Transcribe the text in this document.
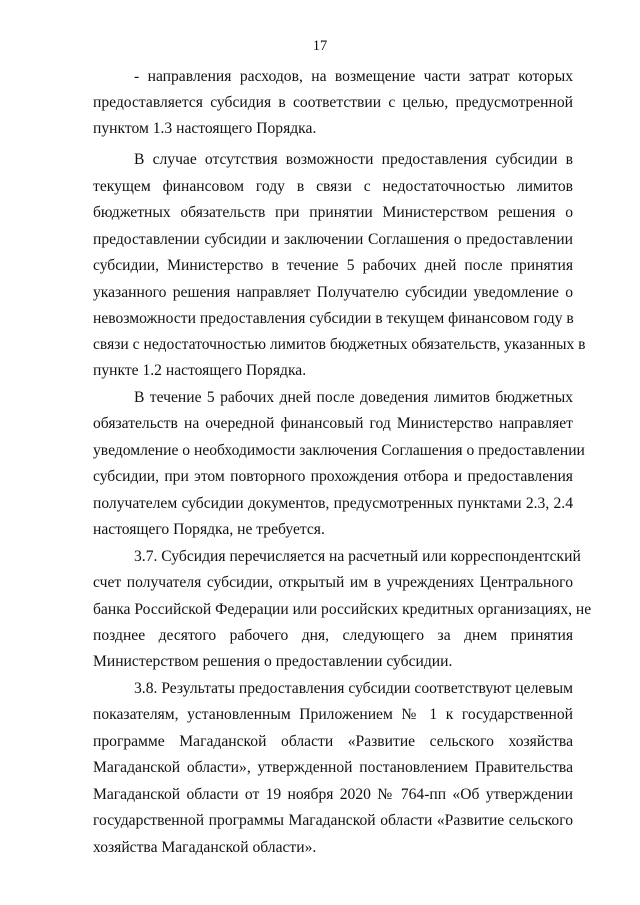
17
- направления расходов, на возмещение части затрат которых
предоставляется субсидия в соответствии с целью, предусмотренной
пунктом 1.3 настоящего Порядка.
В случае отсутствия возможности предоставления субсидии в
текущем финансовом году в связи с недостаточностью лимитов
бюджетных обязательств при принятии Министерством решения о
предоставлении субсидии и заключении Соглашения о предоставлении
субсидии, Министерство в течение 5 рабочих дней после принятия
указанного решения направляет Получателю субсидии уведомление о
невозможности предоставления субсидии в текущем финансовом году в
связи с недостаточностью лимитов бюджетных обязательств, указанных в
пункте 1.2 настоящего Порядка.
В течение 5 рабочих дней после доведения лимитов бюджетных
обязательств на очередной финансовый год Министерство направляет
уведомление о необходимости заключения Соглашения о предоставлении
субсидии, при этом повторного прохождения отбора и предоставления
получателем субсидии документов, предусмотренных пунктами 2.3, 2.4
настоящего Порядка, не требуется.
3.7. Субсидия перечисляется на расчетный или корреспондентский
счет получателя субсидии, открытый им в учреждениях Центрального
банка Российской Федерации или российских кредитных организациях, не
позднее десятого рабочего дня, следующего за днем принятия
Министерством решения о предоставлении субсидии.
3.8. Результаты предоставления субсидии соответствуют целевым
показателям, установленным Приложением № 1 к государственной
программе Магаданской области «Развитие сельского хозяйства
Магаданской области», утвержденной постановлением Правительства
Магаданской области от 19 ноября 2020 № 764-пп «Об утверждении
государственной программы Магаданской области «Развитие сельского
хозяйства Магаданской области».
